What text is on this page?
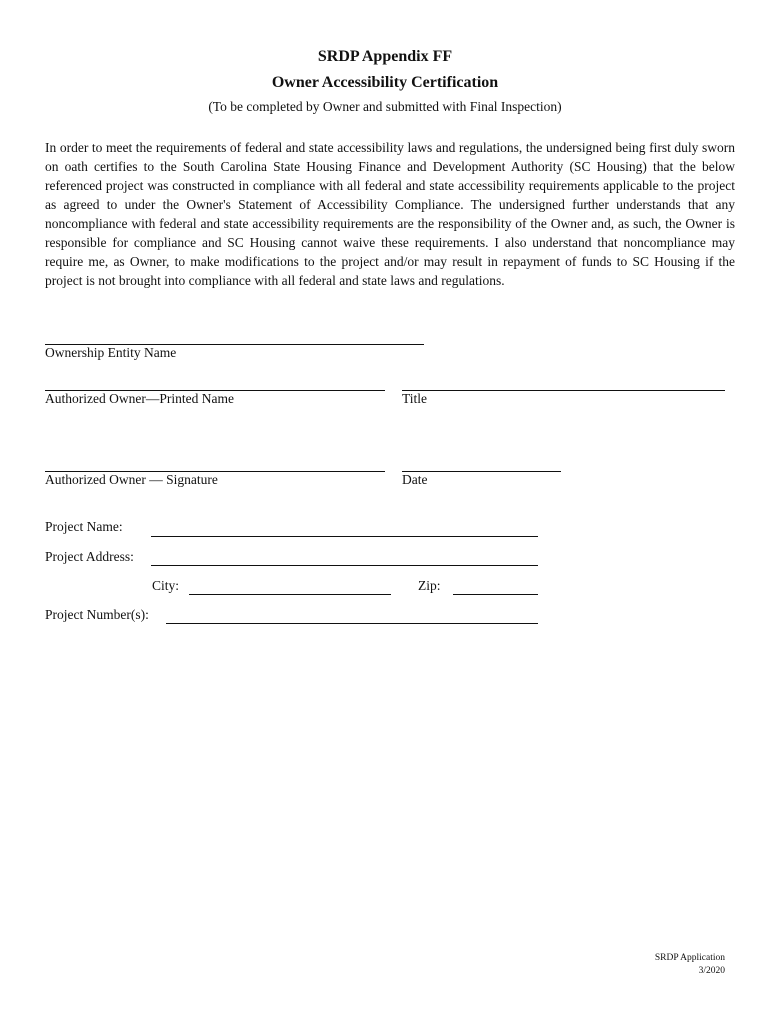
SRDP Appendix FF
Owner Accessibility Certification
(To be completed by Owner and submitted with Final Inspection)
In order to meet the requirements of federal and state accessibility laws and regulations, the undersigned being first duly sworn on oath certifies to the South Carolina State Housing Finance and Development Authority (SC Housing) that the below referenced project was constructed in compliance with all federal and state accessibility requirements applicable to the project as agreed to under the Owner's Statement of Accessibility Compliance. The undersigned further understands that any noncompliance with federal and state accessibility requirements are the responsibility of the Owner and, as such, the Owner is responsible for compliance and SC Housing cannot waive these requirements. I also understand that noncompliance may require me, as Owner, to make modifications to the project and/or may result in repayment of funds to SC Housing if the project is not brought into compliance with all federal and state laws and regulations.
Ownership Entity Name
Authorized Owner—Printed Name	Title
Authorized Owner — Signature	Date
Project Name:
Project Address:
City:	Zip:
Project Number(s):
SRDP Application
3/2020
